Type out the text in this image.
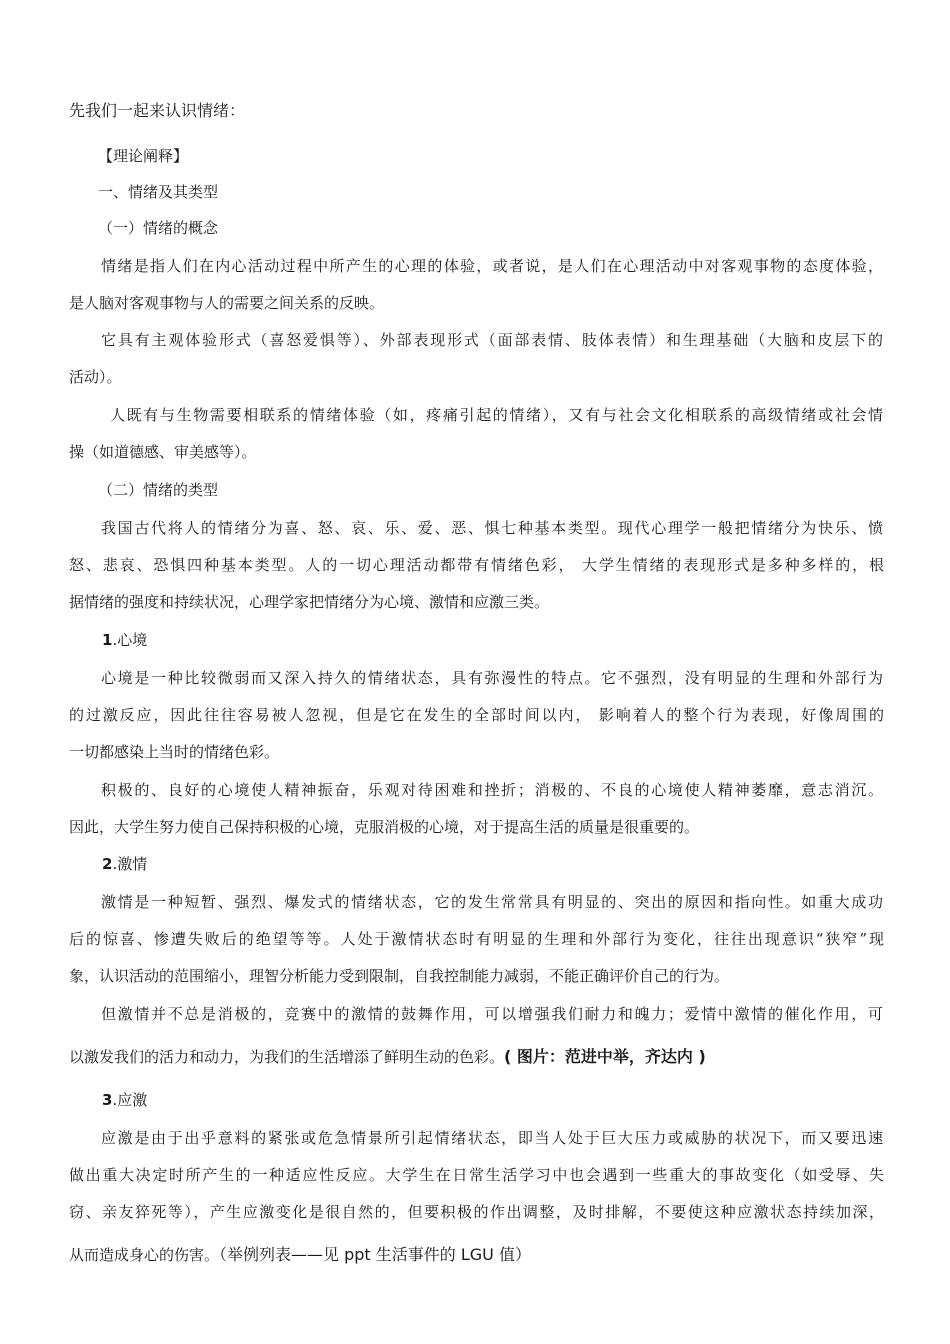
先我们一起来认识情绪：
【理论阐释】
一、情绪及其类型
（一）情绪的概念
情绪是指人们在内心活动过程中所产生的心理的体验，或者说，是人们在心理活动中对客观事物的态度体验，
是人脑对客观事物与人的需要之间关系的反映。
它具有主观体验形式（喜怒爱惧等）、外部表现形式（面部表情、肢体表情）和生理基础（大脑和皮层下的
活动）。
人既有与生物需要相联系的情绪体验（如，疼痛引起的情绪），又有与社会文化相联系的高级情绪或社会情
操（如道德感、审美感等）。
（二）情绪的类型
我国古代将人的情绪分为喜、怒、哀、乐、爱、恶、惧七种基本类型。现代心理学一般把情绪分为快乐、愤
怒、悲哀、恐惧四种基本类型。人的一切心理活动都带有情绪色彩， 大学生情绪的表现形式是多种多样的，根
据情绪的强度和持续状况，心理学家把情绪分为心境、激情和应激三类。
1.心境
心境是一种比较微弱而又深入持久的情绪状态，具有弥漫性的特点。它不强烈，没有明显的生理和外部行为
的过激反应，因此往往容易被人忽视，但是它在发生的全部时间以内， 影响着人的整个行为表现，好像周围的
一切都感染上当时的情绪色彩。
积极的、良好的心境使人精神振奋，乐观对待困难和挫折；消极的、不良的心境使人精神萎靡，意志消沉。
因此，大学生努力使自己保持积极的心境，克服消极的心境，对于提高生活的质量是很重要的。
2.激情
激情是一种短暂、强烈、爆发式的情绪状态，它的发生常常具有明显的、突出的原因和指向性。如重大成功
后的惊喜、惨遭失败后的绝望等等。人处于激情状态时有明显的生理和外部行为变化，往往出现意识“狭窄”现
象，认识活动的范围缩小，理智分析能力受到限制，自我控制能力减弱，不能正确评价自己的行为。
但激情并不总是消极的，竞赛中的激情的鼓舞作用，可以增强我们耐力和魄力；爱情中激情的催化作用，可
以激发我们的活力和动力，为我们的生活增添了鲜明生动的色彩。( 图片：范进中举，齐达内 )
3.应激
应激是由于出乎意料的紧张或危急情景所引起情绪状态，即当人处于巨大压力或威胁的状况下，而又要迅速
做出重大决定时所产生的一种适应性反应。大学生在日常生活学习中也会遇到一些重大的事故变化（如受辱、失
窃、亲友猝死等），产生应激变化是很自然的，但要积极的作出调整，及时排解，不要使这种应激状态持续加深，
从而造成身心的伤害。（举例列表——见 ppt 生活事件的 LGU 值）
